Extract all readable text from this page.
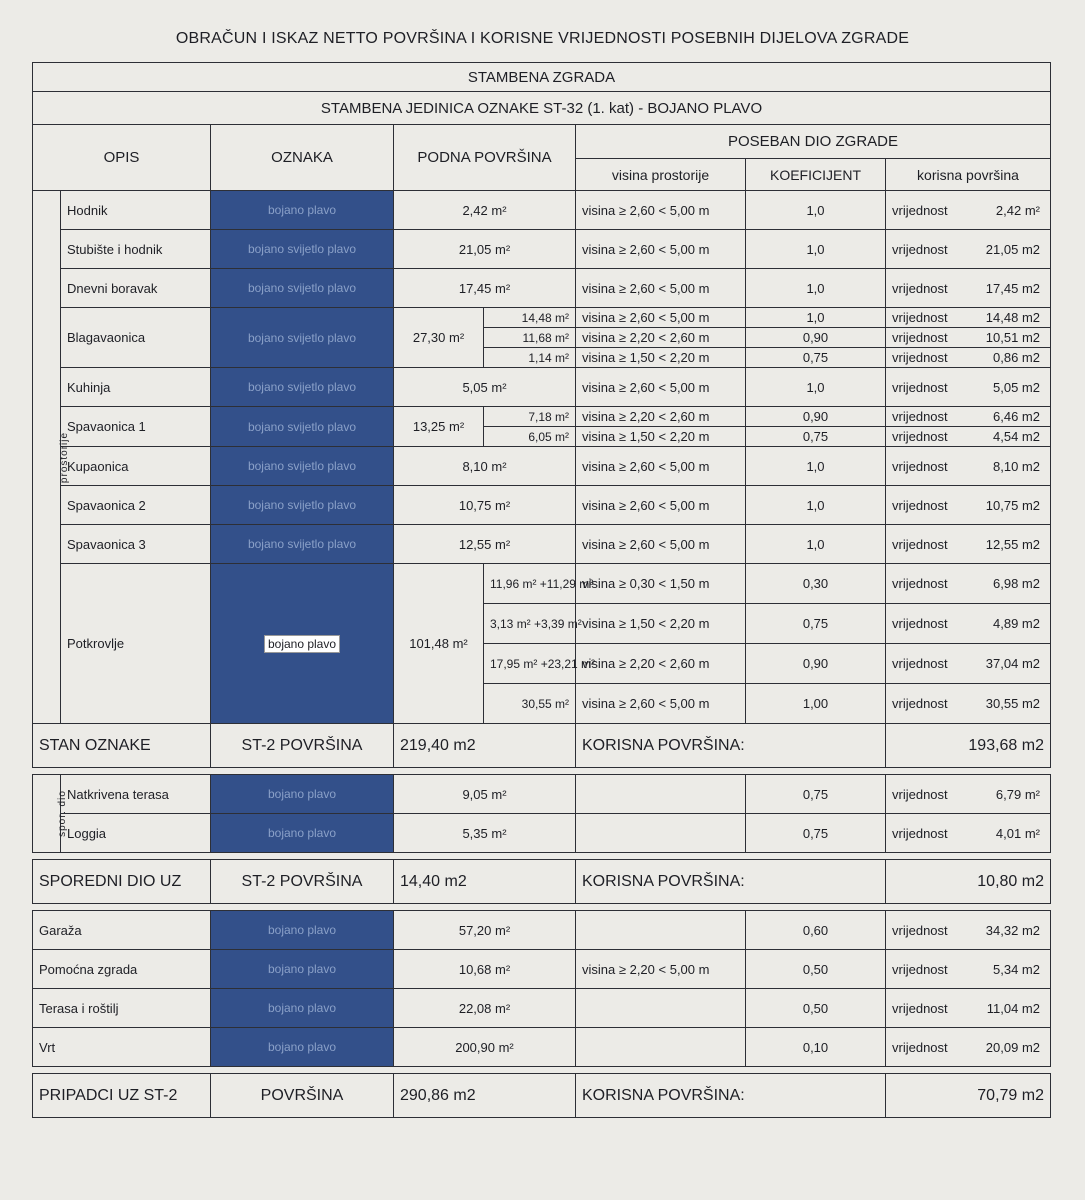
OBRAČUN I ISKAZ NETTO POVRŠINA I KORISNE VRIJEDNOSTI POSEBNIH DIJELOVA ZGRADE
STAMBENA ZGRADA							
STAMBENA JEDINICA OZNAKE ST-32 (1. kat) - BOJANO PLAVO							
OPIS		OZNAKA	PODNA POVRŠINA		POSEBAN DIO ZGRADE		
					visina prostorije	KOEFICIJENT	korisna površina
prostorije	Hodnik	bojano plavo	2,42 m²		visina ≥ 2,60 < 5,00 m	1,0	vrijednost 2,42 m²

	Stubište i hodnik	bojano svijetlo plavo	21,05 m²		visina ≥ 2,60 < 5,00 m	1,0	vrijednost 21,05 m2

	Dnevni boravak	bojano svijetlo plavo	17,45 m²		visina ≥ 2,60 < 5,00 m	1,0	vrijednost 17,45 m2

	Blagavaonica	bojano svijetlo plavo	27,30 m²	14,48 m²	visina ≥ 2,60 < 5,00 m	1,0	vrijednost 14,48 m2

				11,68 m²	visina ≥ 2,20 < 2,60 m	0,90	vrijednost 10,51 m2

				1,14 m²	visina ≥ 1,50 < 2,20 m	0,75	vrijednost 0,86 m2

	Kuhinja	bojano svijetlo plavo	5,05 m²		visina ≥ 2,60 < 5,00 m	1,0	vrijednost 5,05 m2

	Spavaonica 1	bojano svijetlo plavo	13,25 m²	7,18 m²	visina ≥ 2,20 < 2,60 m	0,90	vrijednost 6,46 m2

				6,05 m²	visina ≥ 1,50 < 2,20 m	0,75	vrijednost 4,54 m2

	Kupaonica	bojano svijetlo plavo	8,10 m²		visina ≥ 2,60 < 5,00 m	1,0	vrijednost 8,10 m2

	Spavaonica 2	bojano svijetlo plavo	10,75 m²		visina ≥ 2,60 < 5,00 m	1,0	vrijednost 10,75 m2

	Spavaonica 3	bojano svijetlo plavo	12,55 m²		visina ≥ 2,60 < 5,00 m	1,0	vrijednost 12,55 m2

	Potkrovlje	bojano plavo	101,48 m²	11,96 m² +11,29 m²	visina ≥ 0,30 < 1,50 m	0,30	vrijednost 6,98 m2

				3,13 m² +3,39 m²	visina ≥ 1,50 < 2,20 m	0,75	vrijednost 4,89 m2

				17,95 m² +23,21 m²	visina ≥ 2,20 < 2,60 m	0,90	vrijednost 37,04 m2

				30,55 m²	visina ≥ 2,60 < 5,00 m	1,00	vrijednost 30,55 m2

STAN OZNAKE		ST-2 POVRŠINA	219,40 m2		KORISNA POVRŠINA:		193,68 m2

spor. dio	Natkrivena terasa	bojano plavo	9,05 m²			0,75	vrijednost 6,79 m²

	Loggia	bojano plavo	5,35 m²			0,75	vrijednost 4,01 m²

SPOREDNI DIO UZ		ST-2 POVRŠINA	14,40 m2		KORISNA POVRŠINA:		10,80 m2

Garaža		bojano plavo	57,20 m²			0,60	vrijednost 34,32 m2

Pomoćna zgrada		bojano plavo	10,68 m²		visina ≥ 2,20 < 5,00 m	0,50	vrijednost 5,34 m2

Terasa i roštilj		bojano plavo	22,08 m²			0,50	vrijednost 11,04 m2

Vrt		bojano plavo	200,90 m²			0,10	vrijednost 20,09 m2

PRIPADCI UZ ST-2		POVRŠINA	290,86 m2		KORISNA POVRŠINA:		70,79 m2
